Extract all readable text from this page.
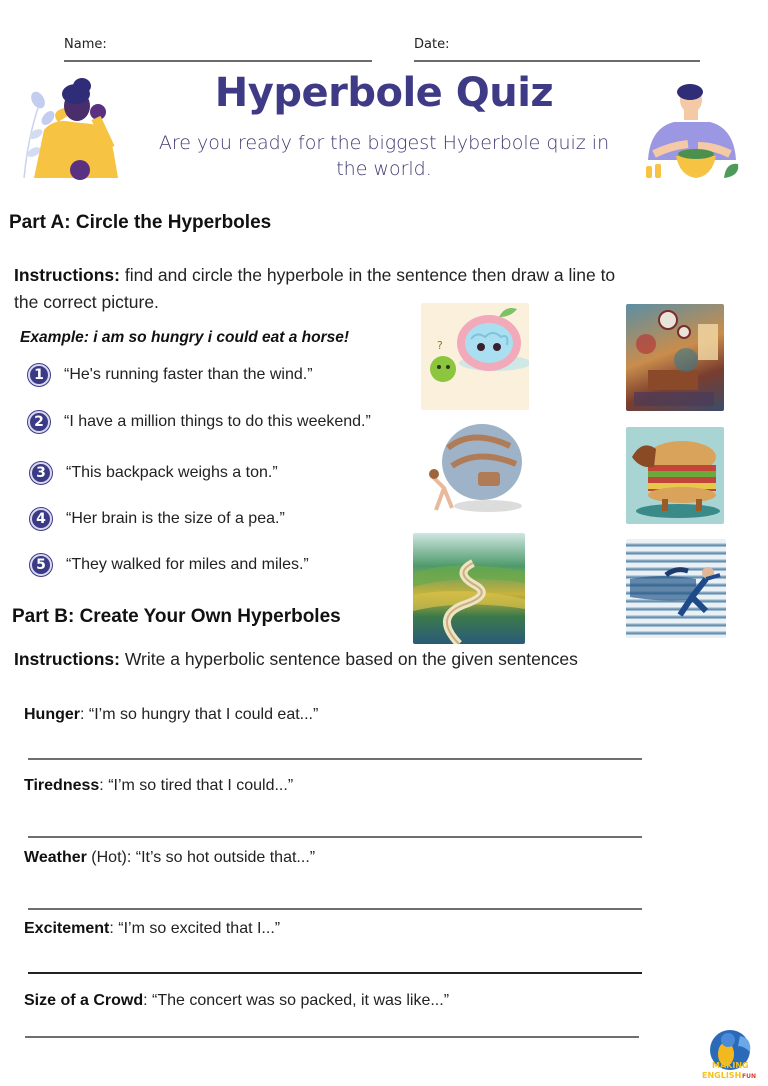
Name:	Date:
Hyperbole Quiz
Are you ready for the biggest Hyberbole quiz in the world.
Part A: Circle the Hyperboles
Instructions: find and circle the hyperbole in the sentence then draw a line to the correct picture.
Example: i am so hungry i could eat a horse!
1	“He's running faster than the wind.”
2	“I have a million things to do this weekend.”
3	“This backpack weighs a ton.”
4	“Her brain is the size of a pea.”
5	“They walked for miles and miles.”
?
Part B: Create Your Own Hyperboles
Instructions: Write a hyperbolic sentence based on the given sentences
Hunger: “I’m so hungry that I could eat...”
Tiredness: “I’m so tired that I could...”
Weather (Hot): “It’s so hot outside that...”
Excitement: “I’m so excited that I...”
Size of a Crowd: “The concert was so packed, it was like...”
MAKING
ENGLISH FUN
